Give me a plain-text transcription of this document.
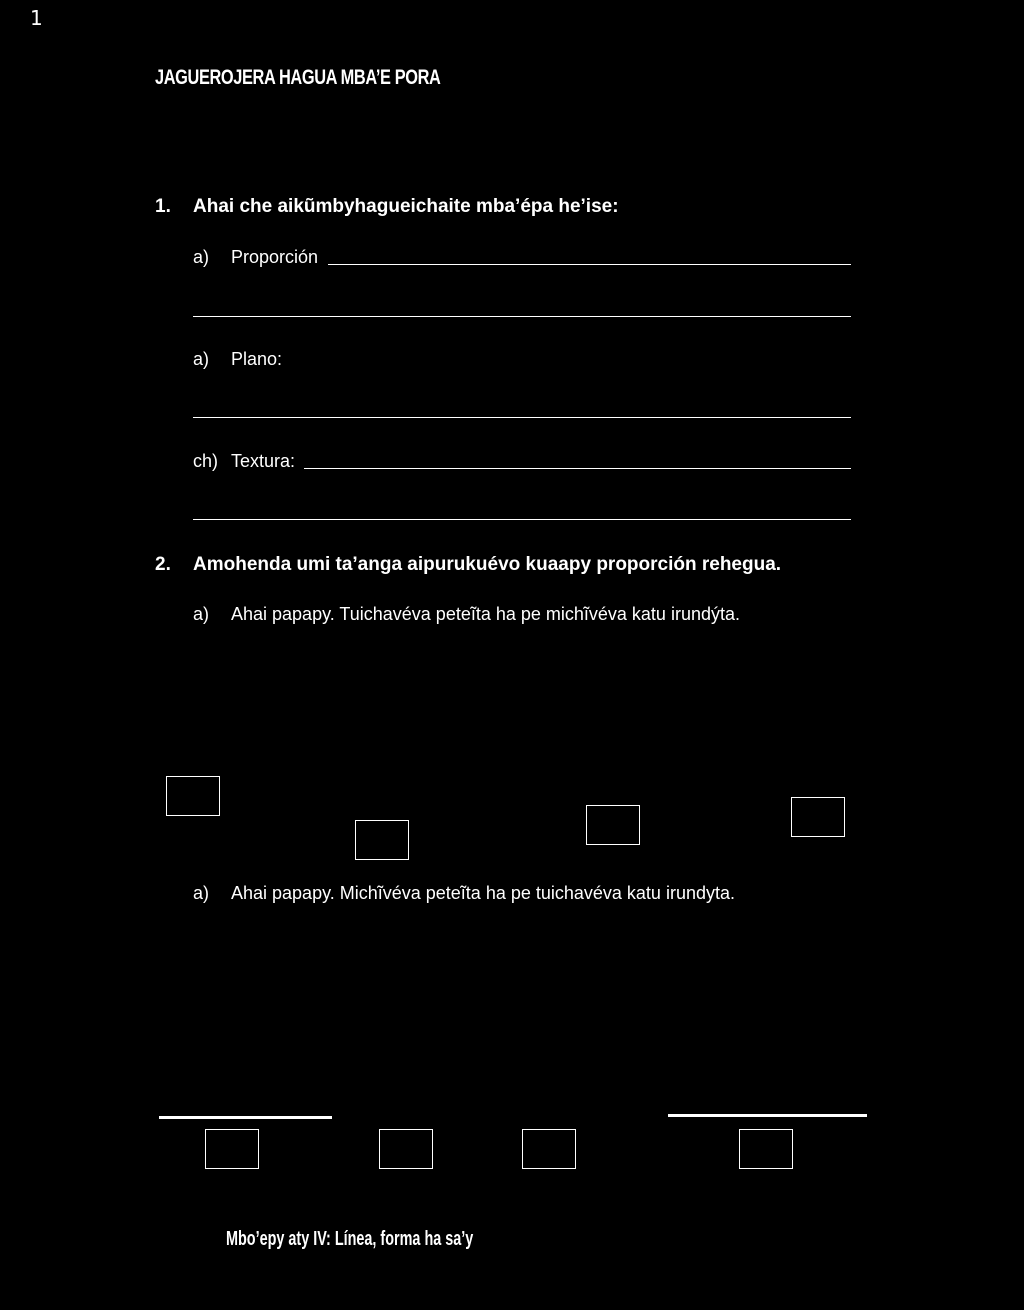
1
JAGUEROJERA HAGUA MBA’E PORA
1. Ahai che aikũmbyhagueichaite mba’épa he’ise:
a) Proporción
a) Plano:
ch) Textura:
2. Amohenda umi ta’anga aipurukuévo kuaapy proporción rehegua.
a) Ahai papapy. Tuichavéva peteĩta ha pe michĩvéva katu irundýta.
a) Ahai papapy. Michĩvéva peteĩta ha pe tuichavéva katu irundyta.
Mbo’epy aty IV: Línea, forma ha sa’y
